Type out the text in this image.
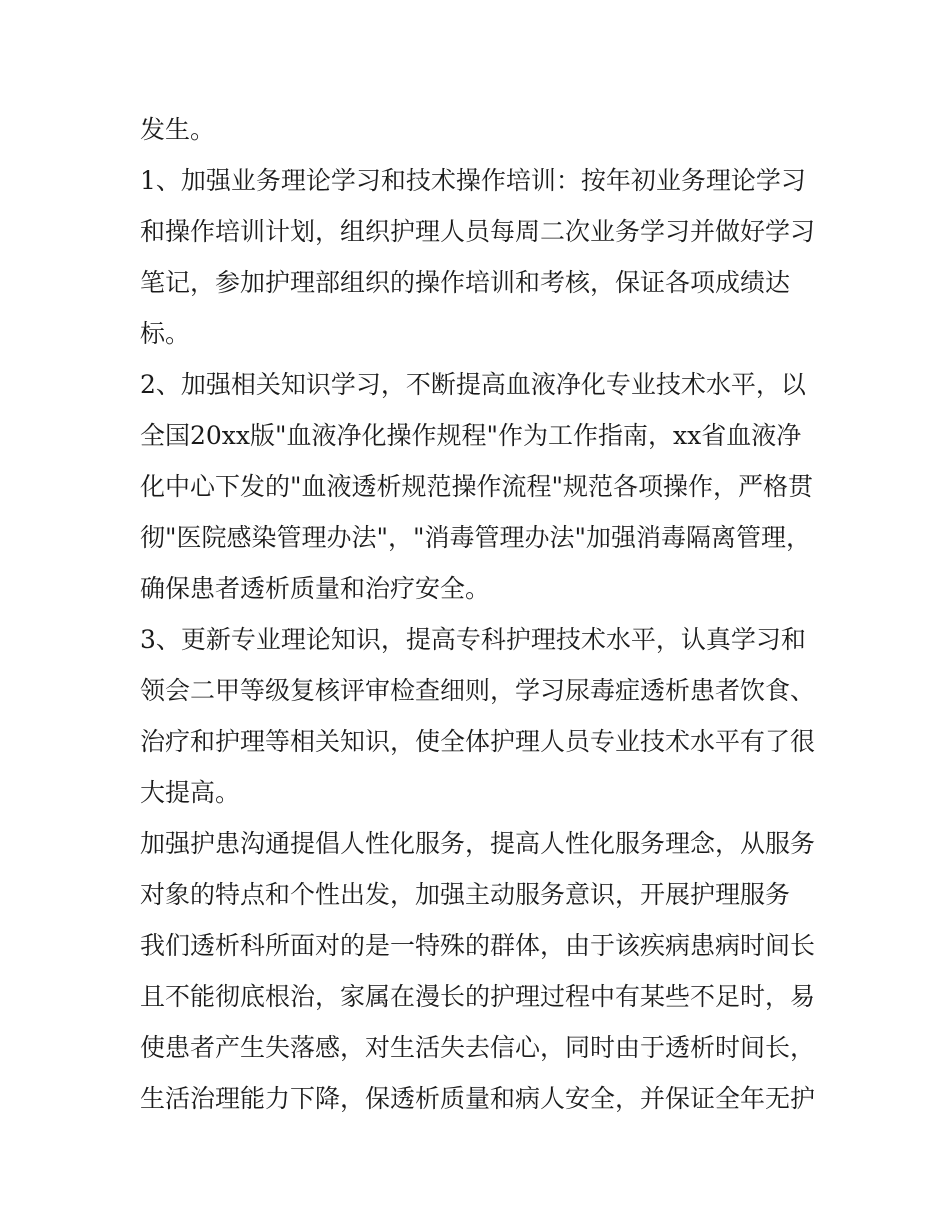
发生。
1、加强业务理论学习和技术操作培训：按年初业务理论学习
和操作培训计划，组织护理人员每周二次业务学习并做好学习
笔记，参加护理部组织的操作培训和考核，保证各项成绩达
标。
2、加强相关知识学习，不断提高血液净化专业技术水平，以
全国20xx版"血液净化操作规程"作为工作指南，xx省血液净
化中心下发的"血液透析规范操作流程"规范各项操作，严格贯
彻"医院感染管理办法"，"消毒管理办法"加强消毒隔离管理，
确保患者透析质量和治疗安全。
3、更新专业理论知识，提高专科护理技术水平，认真学习和
领会二甲等级复核评审检查细则，学习尿毒症透析患者饮食、
治疗和护理等相关知识，使全体护理人员专业技术水平有了很
大提高。
加强护患沟通提倡人性化服务，提高人性化服务理念，从服务
对象的特点和个性出发，加强主动服务意识，开展护理服务
我们透析科所面对的是一特殊的群体，由于该疾病患病时间长
且不能彻底根治，家属在漫长的护理过程中有某些不足时，易
使患者产生失落感，对生活失去信心，同时由于透析时间长，
生活治理能力下降，保透析质量和病人安全，并保证全年无护
